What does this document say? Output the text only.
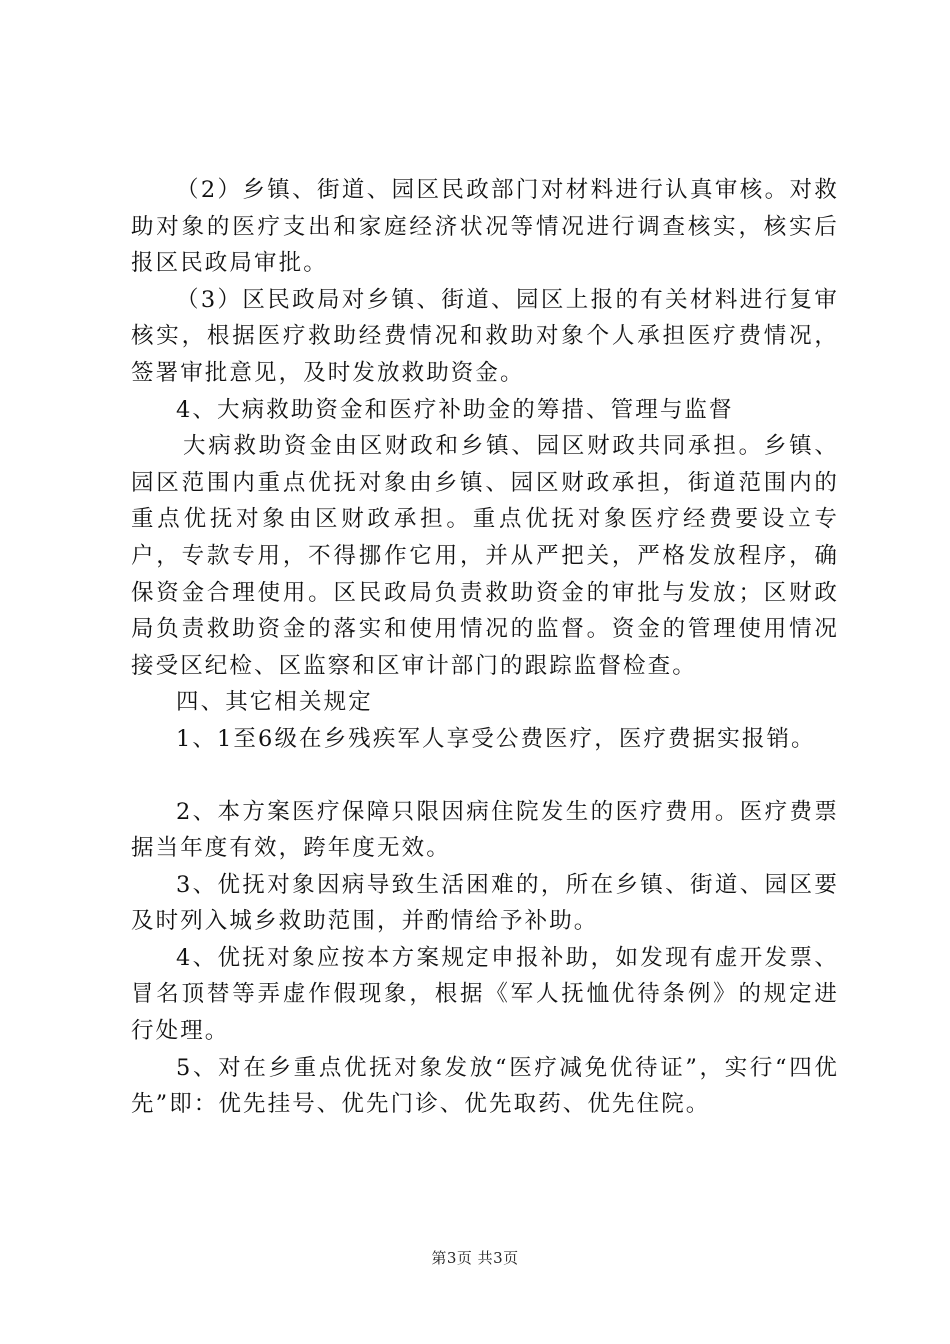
（2）乡镇、街道、园区民政部门对材料进行认真审核。对救助对象的医疗支出和家庭经济状况等情况进行调查核实，核实后报区民政局审批。

（3）区民政局对乡镇、街道、园区上报的有关材料进行复审核实，根据医疗救助经费情况和救助对象个人承担医疗费情况，签署审批意见，及时发放救助资金。

4、大病救助资金和医疗补助金的筹措、管理与监督

大病救助资金由区财政和乡镇、园区财政共同承担。乡镇、园区范围内重点优抚对象由乡镇、园区财政承担，街道范围内的重点优抚对象由区财政承担。重点优抚对象医疗经费要设立专户，专款专用，不得挪作它用，并从严把关，严格发放程序，确保资金合理使用。区民政局负责救助资金的审批与发放；区财政局负责救助资金的落实和使用情况的监督。资金的管理使用情况接受区纪检、区监察和区审计部门的跟踪监督检查。

四、其它相关规定

1、1至6级在乡残疾军人享受公费医疗，医疗费据实报销。

2、本方案医疗保障只限因病住院发生的医疗费用。医疗费票据当年度有效，跨年度无效。

3、优抚对象因病导致生活困难的，所在乡镇、街道、园区要及时列入城乡救助范围，并酌情给予补助。

4、优抚对象应按本方案规定申报补助，如发现有虚开发票、冒名顶替等弄虚作假现象，根据《军人抚恤优待条例》的规定进行处理。

5、对在乡重点优抚对象发放“医疗减免优待证”，实行“四优先”即：优先挂号、优先门诊、优先取药、优先住院。

第3页 共3页
